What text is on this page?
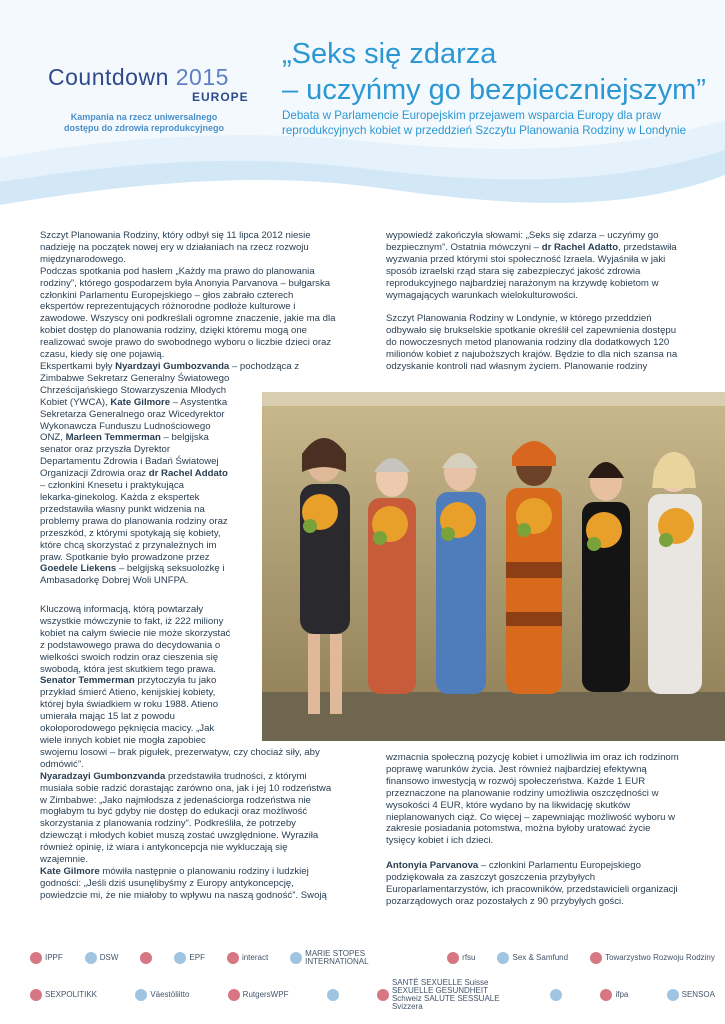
Countdown 2015
EUROPE
Kampania na rzecz uniwersalnego dostępu do zdrowia reprodukcyjnego
„Seks się zdarza
– uczyńmy go bezpieczniejszym”

Debata w Parlamencie Europejskim przejawem wsparcia Europy dla praw reprodukcyjnych kobiet w przeddzień Szczytu Planowania Rodziny w Londynie

Szczyt Planowania Rodziny, który odbył się 11 lipca 2012 niesie

nadzieję na początek nowej ery w działaniach na rzecz rozwoju

międzynarodowego.

Podczas spotkania pod hasłem „Każdy ma prawo do planowania

rodziny”, którego gospodarzem była Anonyia Parvanova – bułgarska

członkini Parlamentu Europejskiego – głos zabrało czterech

ekspertów reprezentujących różnorodne podłoże kulturowe i

zawodowe. Wszyscy oni podkreślali ogromne znaczenie, jakie ma dla

kobiet dostęp do planowania rodziny, dzięki któremu mogą one

realizować swoje prawo do swobodnego wyboru o liczbie dzieci oraz

czasu, kiedy się one pojawią.

Ekspertkami były Nyardzayi Gumbozvanda – pochodząca z
Zimbabwe Sekretarz Generalny Światowego
Chrześcijańskiego Stowarzyszenia Młodych
Kobiet (YWCA), Kate Gilmore – Asystentka
Sekretarza Generalnego oraz Wicedyrektor
Wykonawcza Funduszu Ludnościowego
ONZ, Marleen Temmerman – belgijska
senator oraz przyszła Dyrektor
Departamentu Zdrowia i Badań Światowej
Organizacji Zdrowia oraz dr Rachel Addato
– członkini Knesetu i praktykująca
lekarka-ginekolog. Każda z ekspertek
przedstawiła własny punkt widzenia na
problemy prawa do planowania rodziny oraz
przeszkód, z którymi spotykają się kobiety,
które chcą skorzystać z przynależnych im
praw. Spotkanie było prowadzone przez
Goedele Liekens – belgijską seksuolożkę i
Ambasadorkę Dobrej Woli UNFPA.
Kluczową informacją, którą powtarzały
wszystkie mówczynie to fakt, iż 222 miliony
kobiet na całym świecie nie może skorzystać
z podstawowego prawa do decydowania o
wielkości swoich rodzin oraz cieszenia się
swobodą, która jest skutkiem tego prawa.
Senator Temmerman przytoczyła tu jako
przykład śmierć Atieno, kenijskiej kobiety,
której była świadkiem w roku 1988. Atieno
umierała mając 15 lat z powodu
okołoporodowego pęknięcia macicy. „Jak
wiele innych kobiet nie mogła zapobiec
swojemu losowi – brak pigułek, prezerwatyw, czy chociaż siły, aby
odmówić”.
Nyaradzayi Gumbonzvanda przedstawiła trudności, z którymi
musiała sobie radzić dorastając zarówno ona, jak i jej 10 rodzeństwa
w Zimbabwe: „Jako najmłodsza z jedenaściorga rodzeństwa nie
mogłabym tu być gdyby nie dostęp do edukacji oraz możliwość
skorzystania z planowania rodziny”. Podkreśliła, że potrzeby
dziewcząt i młodych kobiet muszą zostać uwzględnione. Wyraziła
również opinię, iż wiara i antykoncepcja nie wykluczają się
wzajemnie.
Kate Gilmore mówiła następnie o planowaniu rodziny i ludzkiej
godności: „Jeśli dziś usunęlibyśmy z Europy antykoncepcję,
powiedzcie mi, że nie miałoby to wpływu na naszą godność”. Swoją
wypowiedź zakończyła słowami: „Seks się zdarza – uczyńmy go
bezpiecznym”. Ostatnia mówczyni – dr Rachel Adatto, przedstawiła
wyzwania przed którymi stoi społeczność Izraela. Wyjaśniła w jaki
sposób izraelski rząd stara się zabezpieczyć jakość zdrowia
reprodukcyjnego najbardziej narażonym na krzywdę kobietom w
wymagających warunkach wielokulturowości.

Szczyt Planowania Rodziny w Londynie, w którego przeddzień

odbywało się brukselskie spotkanie określił cel zapewnienia dostępu

do nowoczesnych metod planowania rodziny dla dodatkowych 120

milionów kobiet z najuboższych krajów. Będzie to dla nich szansa na

odzyskanie kontroli nad własnym życiem. Planowanie rodziny

wzmacnia społeczną pozycję kobiet i umożliwia im oraz ich rodzinom

poprawę warunków życia. Jest również najbardziej efektywną

finansowo inwestycją w rozwój społeczeństwa. Każde 1 EUR

przeznaczone na planowanie rodziny umożliwia oszczędności w

wysokości 4 EUR, które wydano by na likwidację skutków

nieplanowanych ciąż. Co więcej – zapewniając możliwość wyboru w

zakresie posiadania potomstwa, można byłoby uratować życie

tysięcy kobiet i ich dzieci.

Antonyia Parvanova – członkini Parlamentu Europejskiego
podziękowała za zaszczyt goszczenia przybyłych
Europarlamentarzystów, ich pracowników, przedstawicieli organizacji
pozarządowych oraz pozostałych z 90 przybyłych gości.
IPPF	DSW	EPF	interact	MARIE STOPES INTERNATIONAL	rfsu	Sex & Samfund	Towarzystwo Rozwoju Rodziny
SEXPOLITIKK	Väestöliitto	RutgersWPF
SANTÉ SEXUELLE Suisse SEXUELLE GESUNDHEIT Schweiz SALUTE SESSUALE Svizzera
ifpa	SENSOA
